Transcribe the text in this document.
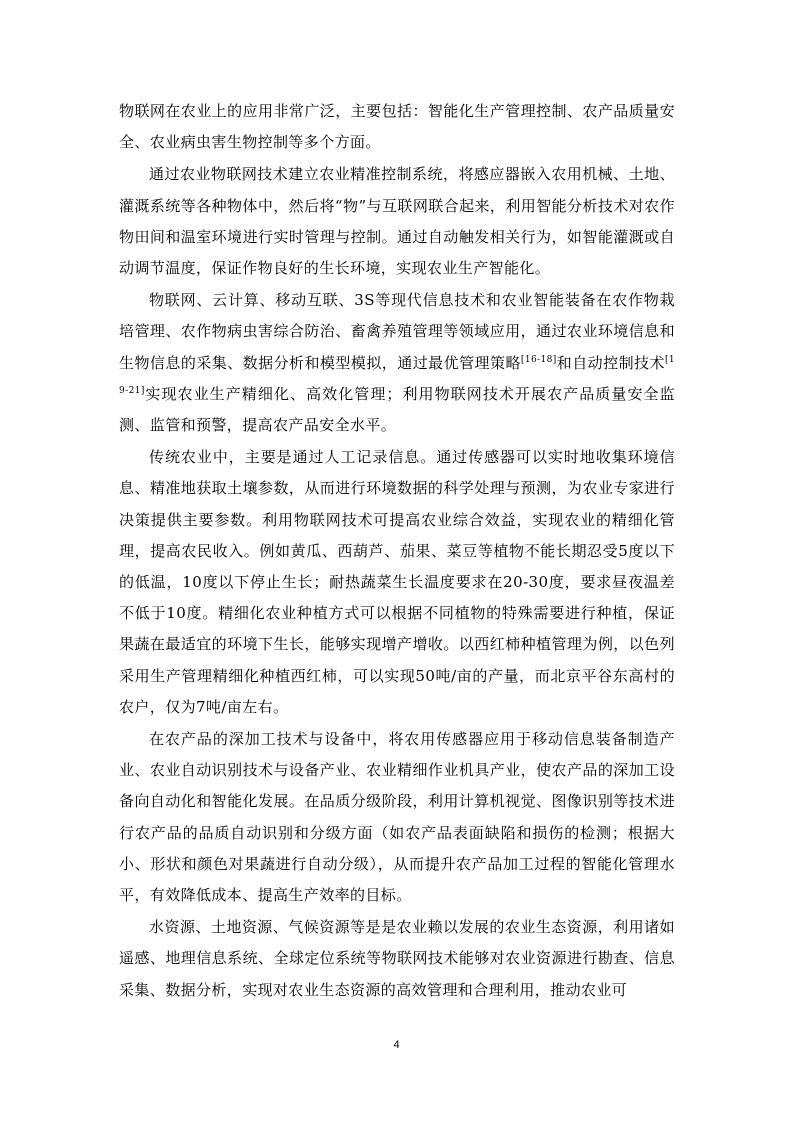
物联网在农业上的应用非常广泛，主要包括：智能化生产管理控制、农产品质量安全、农业病虫害生物控制等多个方面。

通过农业物联网技术建立农业精准控制系统，将感应器嵌入农用机械、土地、灌溉系统等各种物体中，然后将“物”与互联网联合起来，利用智能分析技术对农作物田间和温室环境进行实时管理与控制。通过自动触发相关行为，如智能灌溉或自动调节温度，保证作物良好的生长环境，实现农业生产智能化。

物联网、云计算、移动互联、3S等现代信息技术和农业智能装备在农作物栽培管理、农作物病虫害综合防治、畜禽养殖管理等领域应用，通过农业环境信息和生物信息的采集、数据分析和模型模拟，通过最优管理策略[16-18]和自动控制技术[19-21]实现农业生产精细化、高效化管理；利用物联网技术开展农产品质量安全监测、监管和预警，提高农产品安全水平。

传统农业中，主要是通过人工记录信息。通过传感器可以实时地收集环境信息、精准地获取土壤参数，从而进行环境数据的科学处理与预测，为农业专家进行决策提供主要参数。利用物联网技术可提高农业综合效益，实现农业的精细化管理，提高农民收入。例如黄瓜、西葫芦、茄果、菜豆等植物不能长期忍受5度以下的低温，10度以下停止生长；耐热蔬菜生长温度要求在20-30度，要求昼夜温差不低于10度。精细化农业种植方式可以根据不同植物的特殊需要进行种植，保证果蔬在最适宜的环境下生长，能够实现增产增收。以西红柿种植管理为例，以色列采用生产管理精细化种植西红柿，可以实现50吨/亩的产量，而北京平谷东高村的农户，仅为7吨/亩左右。

在农产品的深加工技术与设备中，将农用传感器应用于移动信息装备制造产业、农业自动识别技术与设备产业、农业精细作业机具产业，使农产品的深加工设备向自动化和智能化发展。在品质分级阶段，利用计算机视觉、图像识别等技术进行农产品的品质自动识别和分级方面（如农产品表面缺陷和损伤的检测；根据大小、形状和颜色对果蔬进行自动分级），从而提升农产品加工过程的智能化管理水平，有效降低成本、提高生产效率的目标。

水资源、土地资源、气候资源等是是农业赖以发展的农业生态资源，利用诸如遥感、地理信息系统、全球定位系统等物联网技术能够对农业资源进行勘查、信息采集、数据分析，实现对农业生态资源的高效管理和合理利用，推动农业可

4
